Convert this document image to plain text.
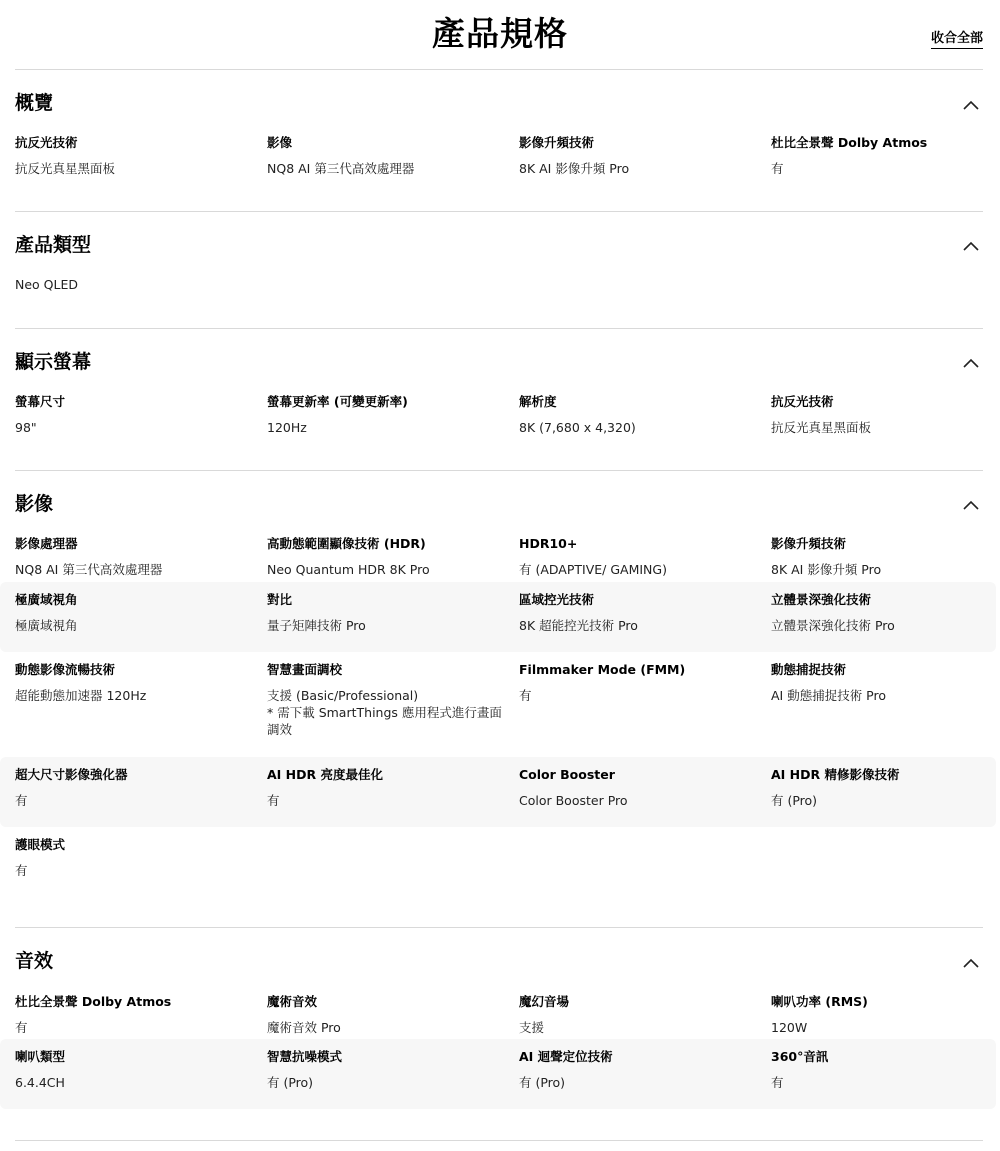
產品規格	收合全部
概覽
抗反光技術
抗反光真星黑面板
影像
NQ8 AI 第三代高效處理器
影像升頻技術
8K AI 影像升頻 Pro
杜比全景聲 Dolby Atmos
有
產品類型
Neo QLED
顯示螢幕
螢幕尺寸
98"
螢幕更新率 (可變更新率)
120Hz
解析度
8K (7,680 x 4,320)
抗反光技術
抗反光真星黑面板
影像
影像處理器
NQ8 AI 第三代高效處理器
高動態範圍顯像技術 (HDR)
Neo Quantum HDR 8K Pro
HDR10+
有 (ADAPTIVE/ GAMING)
影像升頻技術
8K AI 影像升頻 Pro
極廣域視角
極廣域視角
對比
量子矩陣技術 Pro
區域控光技術
8K 超能控光技術 Pro
立體景深強化技術
立體景深強化技術 Pro
動態影像流暢技術
超能動態加速器 120Hz
智慧畫面調校
支援 (Basic/Professional)
* 需下載 SmartThings 應用程式進行畫面調效
Filmmaker Mode (FMM)
有
動態捕捉技術
AI 動態捕捉技術 Pro
超大尺寸影像強化器
有
AI HDR 亮度最佳化
有
Color Booster
Color Booster Pro
AI HDR 精修影像技術
有 (Pro)
護眼模式
有
音效
杜比全景聲 Dolby Atmos
有
魔術音效
魔術音效 Pro
魔幻音場
支援
喇叭功率 (RMS)
120W
喇叭類型
6.4.4CH
智慧抗噪模式
有 (Pro)
AI 迴聲定位技術
有 (Pro)
360°音訊
有
